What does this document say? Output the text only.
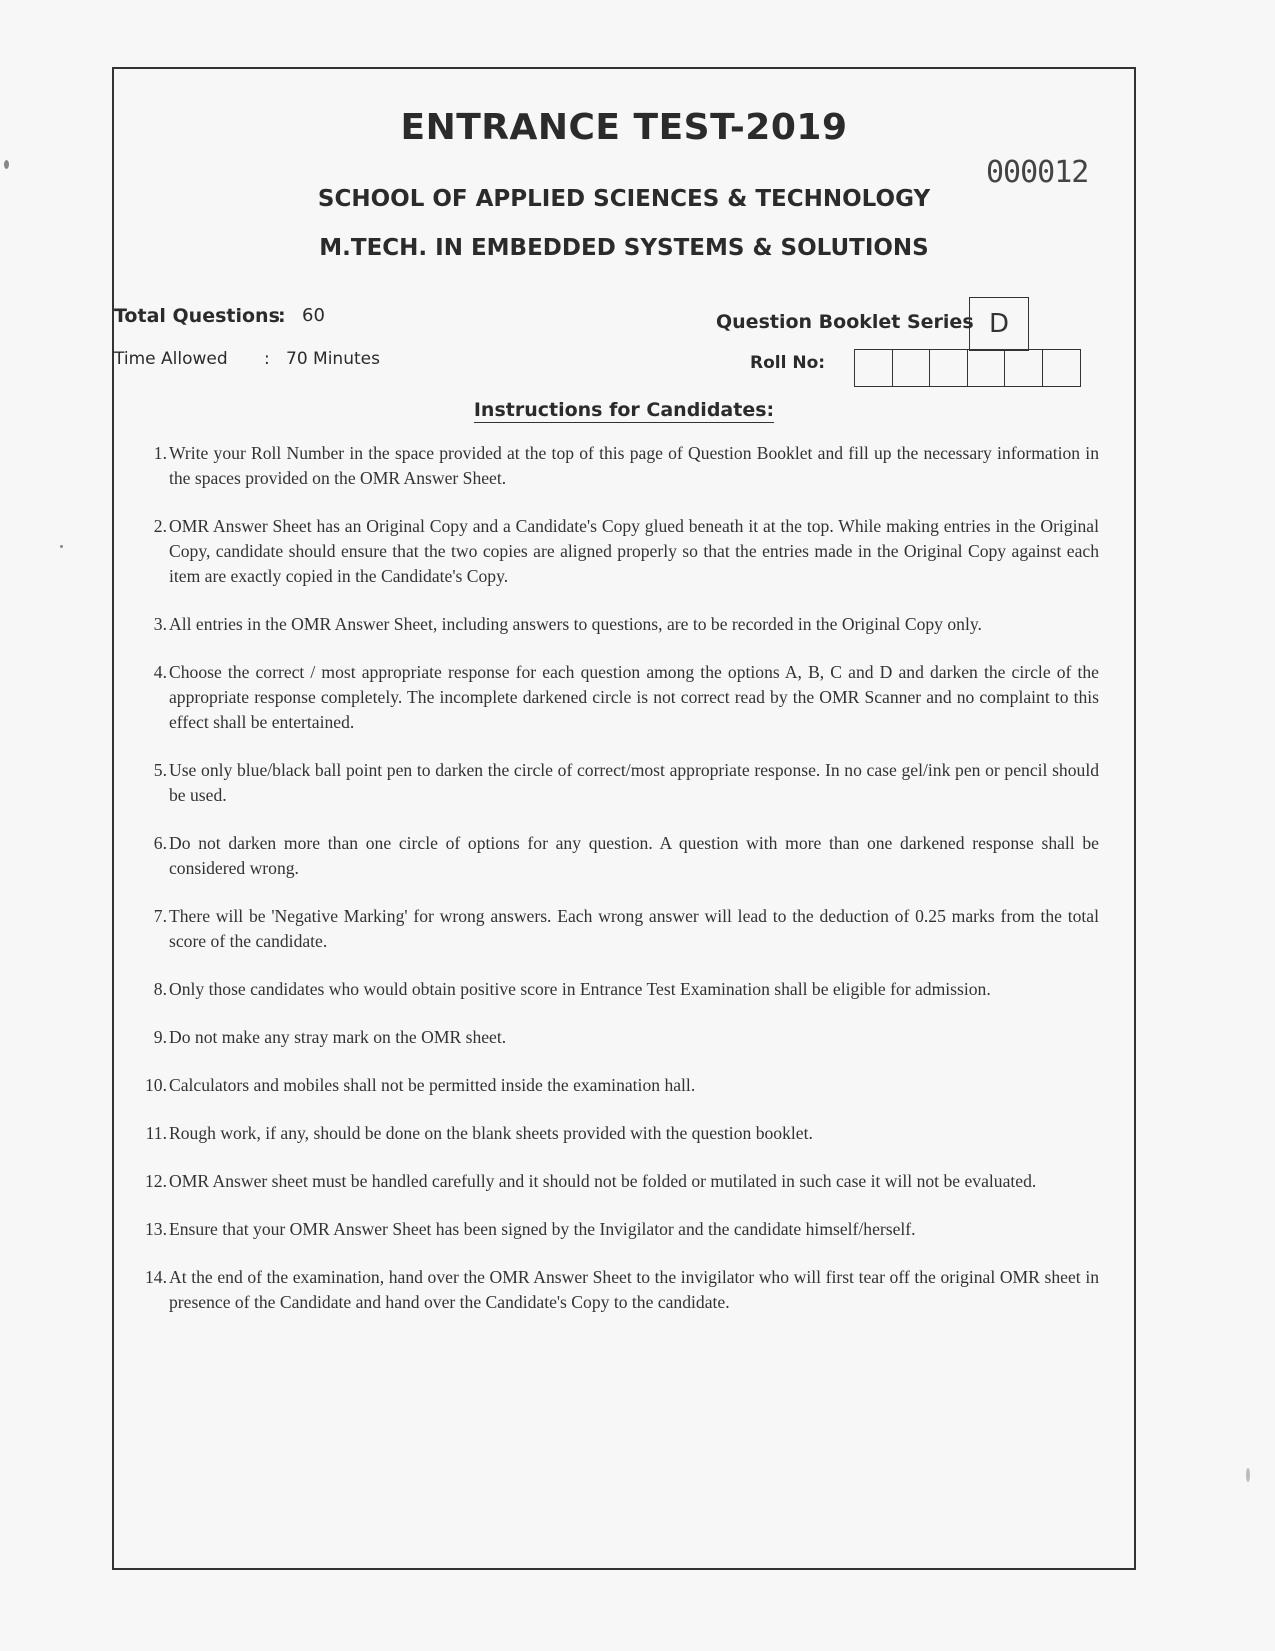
ENTRANCE TEST-2019
000012
SCHOOL OF APPLIED SCIENCES & TECHNOLOGY
M.TECH. IN EMBEDDED SYSTEMS & SOLUTIONS
Total Questions
: 60
Time Allowed : 70 Minutes
Question Booklet Series D
Roll No:
Instructions for Candidates:
1. Write your Roll Number in the space provided at the top of this page of Question Booklet and fill up the necessary information in the spaces provided on the OMR Answer Sheet.
2. OMR Answer Sheet has an Original Copy and a Candidate's Copy glued beneath it at the top. While making entries in the Original Copy, candidate should ensure that the two copies are aligned properly so that the entries made in the Original Copy against each item are exactly copied in the Candidate's Copy.
3. All entries in the OMR Answer Sheet, including answers to questions, are to be recorded in the Original Copy only.
4. Choose the correct / most appropriate response for each question among the options A, B, C and D and darken the circle of the appropriate response completely. The incomplete darkened circle is not correct read by the OMR Scanner and no complaint to this effect shall be entertained.
5. Use only blue/black ball point pen to darken the circle of correct/most appropriate response. In no case gel/ink pen or pencil should be used.
6. Do not darken more than one circle of options for any question. A question with more than one darkened response shall be considered wrong.
7. There will be 'Negative Marking' for wrong answers. Each wrong answer will lead to the deduction of 0.25 marks from the total score of the candidate.
8. Only those candidates who would obtain positive score in Entrance Test Examination shall be eligible for admission.
9. Do not make any stray mark on the OMR sheet.
10. Calculators and mobiles shall not be permitted inside the examination hall.
11. Rough work, if any, should be done on the blank sheets provided with the question booklet.
12. OMR Answer sheet must be handled carefully and it should not be folded or mutilated in such case it will not be evaluated.
13. Ensure that your OMR Answer Sheet has been signed by the Invigilator and the candidate himself/herself.
14. At the end of the examination, hand over the OMR Answer Sheet to the invigilator who will first tear off the original OMR sheet in presence of the Candidate and hand over the Candidate's Copy to the candidate.
